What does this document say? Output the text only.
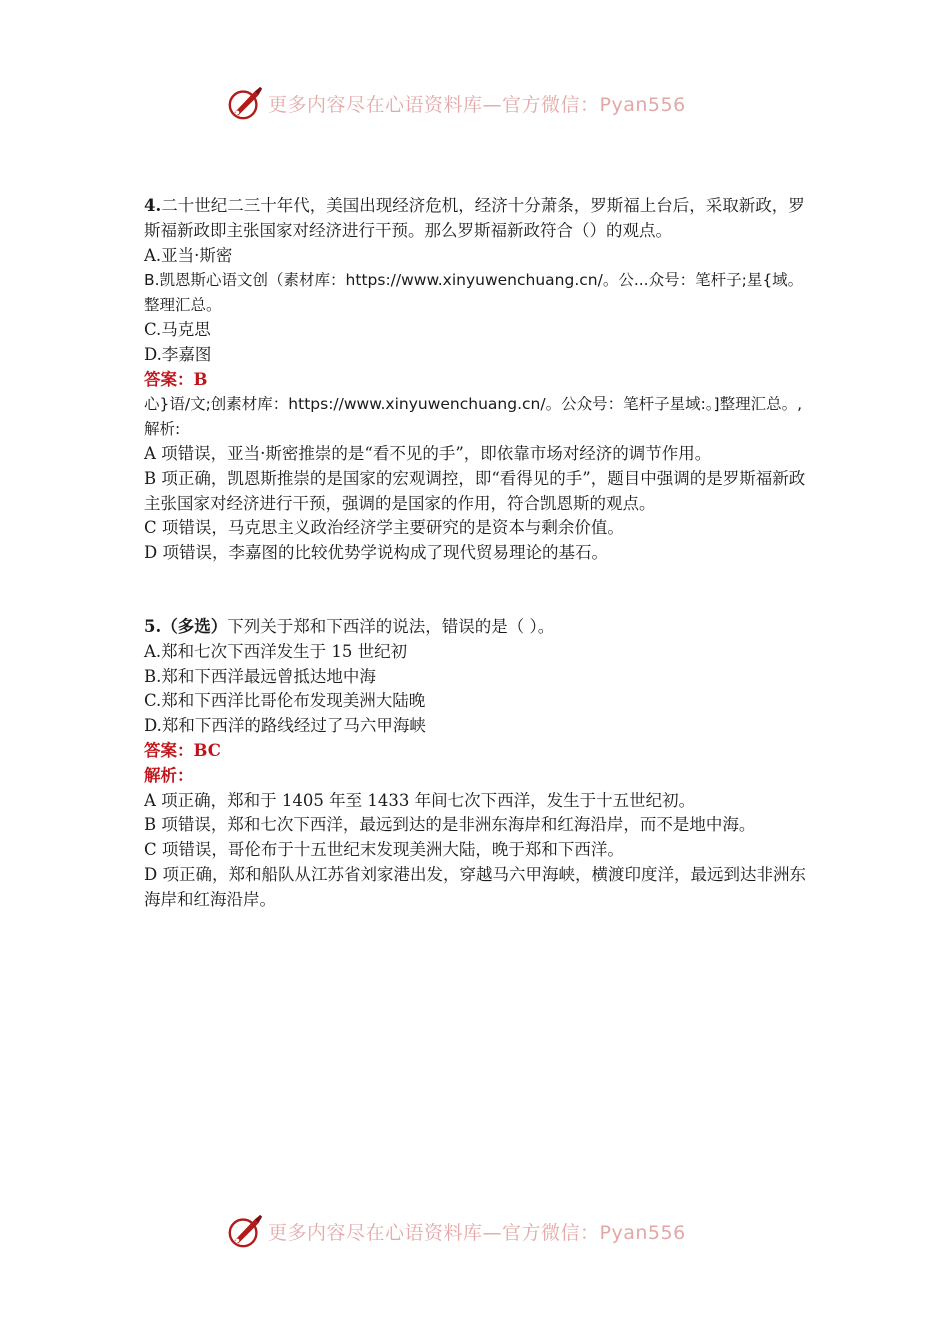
更多内容尽在心语资料库—官方微信：Pyan556

4.二十世纪二三十年代，美国出现经济危机，经济十分萧条，罗斯福上台后，采取新政，罗斯福新政即主张国家对经济进行干预。那么罗斯福新政符合（）的观点。

A.亚当·斯密

B.凯恩斯心语文创（素材库：https://www.xinyuwenchuang.cn/。公...众号：笔杆子;星{域。整理汇总。

C.马克思

D.李嘉图

答案：B

心}语/文;创素材库：https://www.xinyuwenchuang.cn/。公众号：笔杆子星域:。]整理汇总。,解析:

A 项错误，亚当·斯密推崇的是“看不见的手”，即依靠市场对经济的调节作用。

B 项正确，凯恩斯推崇的是国家的宏观调控，即“看得见的手”，题目中强调的是罗斯福新政主张国家对经济进行干预，强调的是国家的作用，符合凯恩斯的观点。

C 项错误，马克思主义政治经济学主要研究的是资本与剩余价值。

D 项错误，李嘉图的比较优势学说构成了现代贸易理论的基石。

5.（多选）下列关于郑和下西洋的说法，错误的是（ ）。

A.郑和七次下西洋发生于 15 世纪初

B.郑和下西洋最远曾抵达地中海

C.郑和下西洋比哥伦布发现美洲大陆晚

D.郑和下西洋的路线经过了马六甲海峡

答案：BC

解析：

A 项正确，郑和于 1405 年至 1433 年间七次下西洋，发生于十五世纪初。

B 项错误，郑和七次下西洋，最远到达的是非洲东海岸和红海沿岸，而不是地中海。

C 项错误，哥伦布于十五世纪末发现美洲大陆，晚于郑和下西洋。

D 项正确，郑和船队从江苏省刘家港出发，穿越马六甲海峡，横渡印度洋，最远到达非洲东海岸和红海沿岸。

更多内容尽在心语资料库—官方微信：Pyan556
